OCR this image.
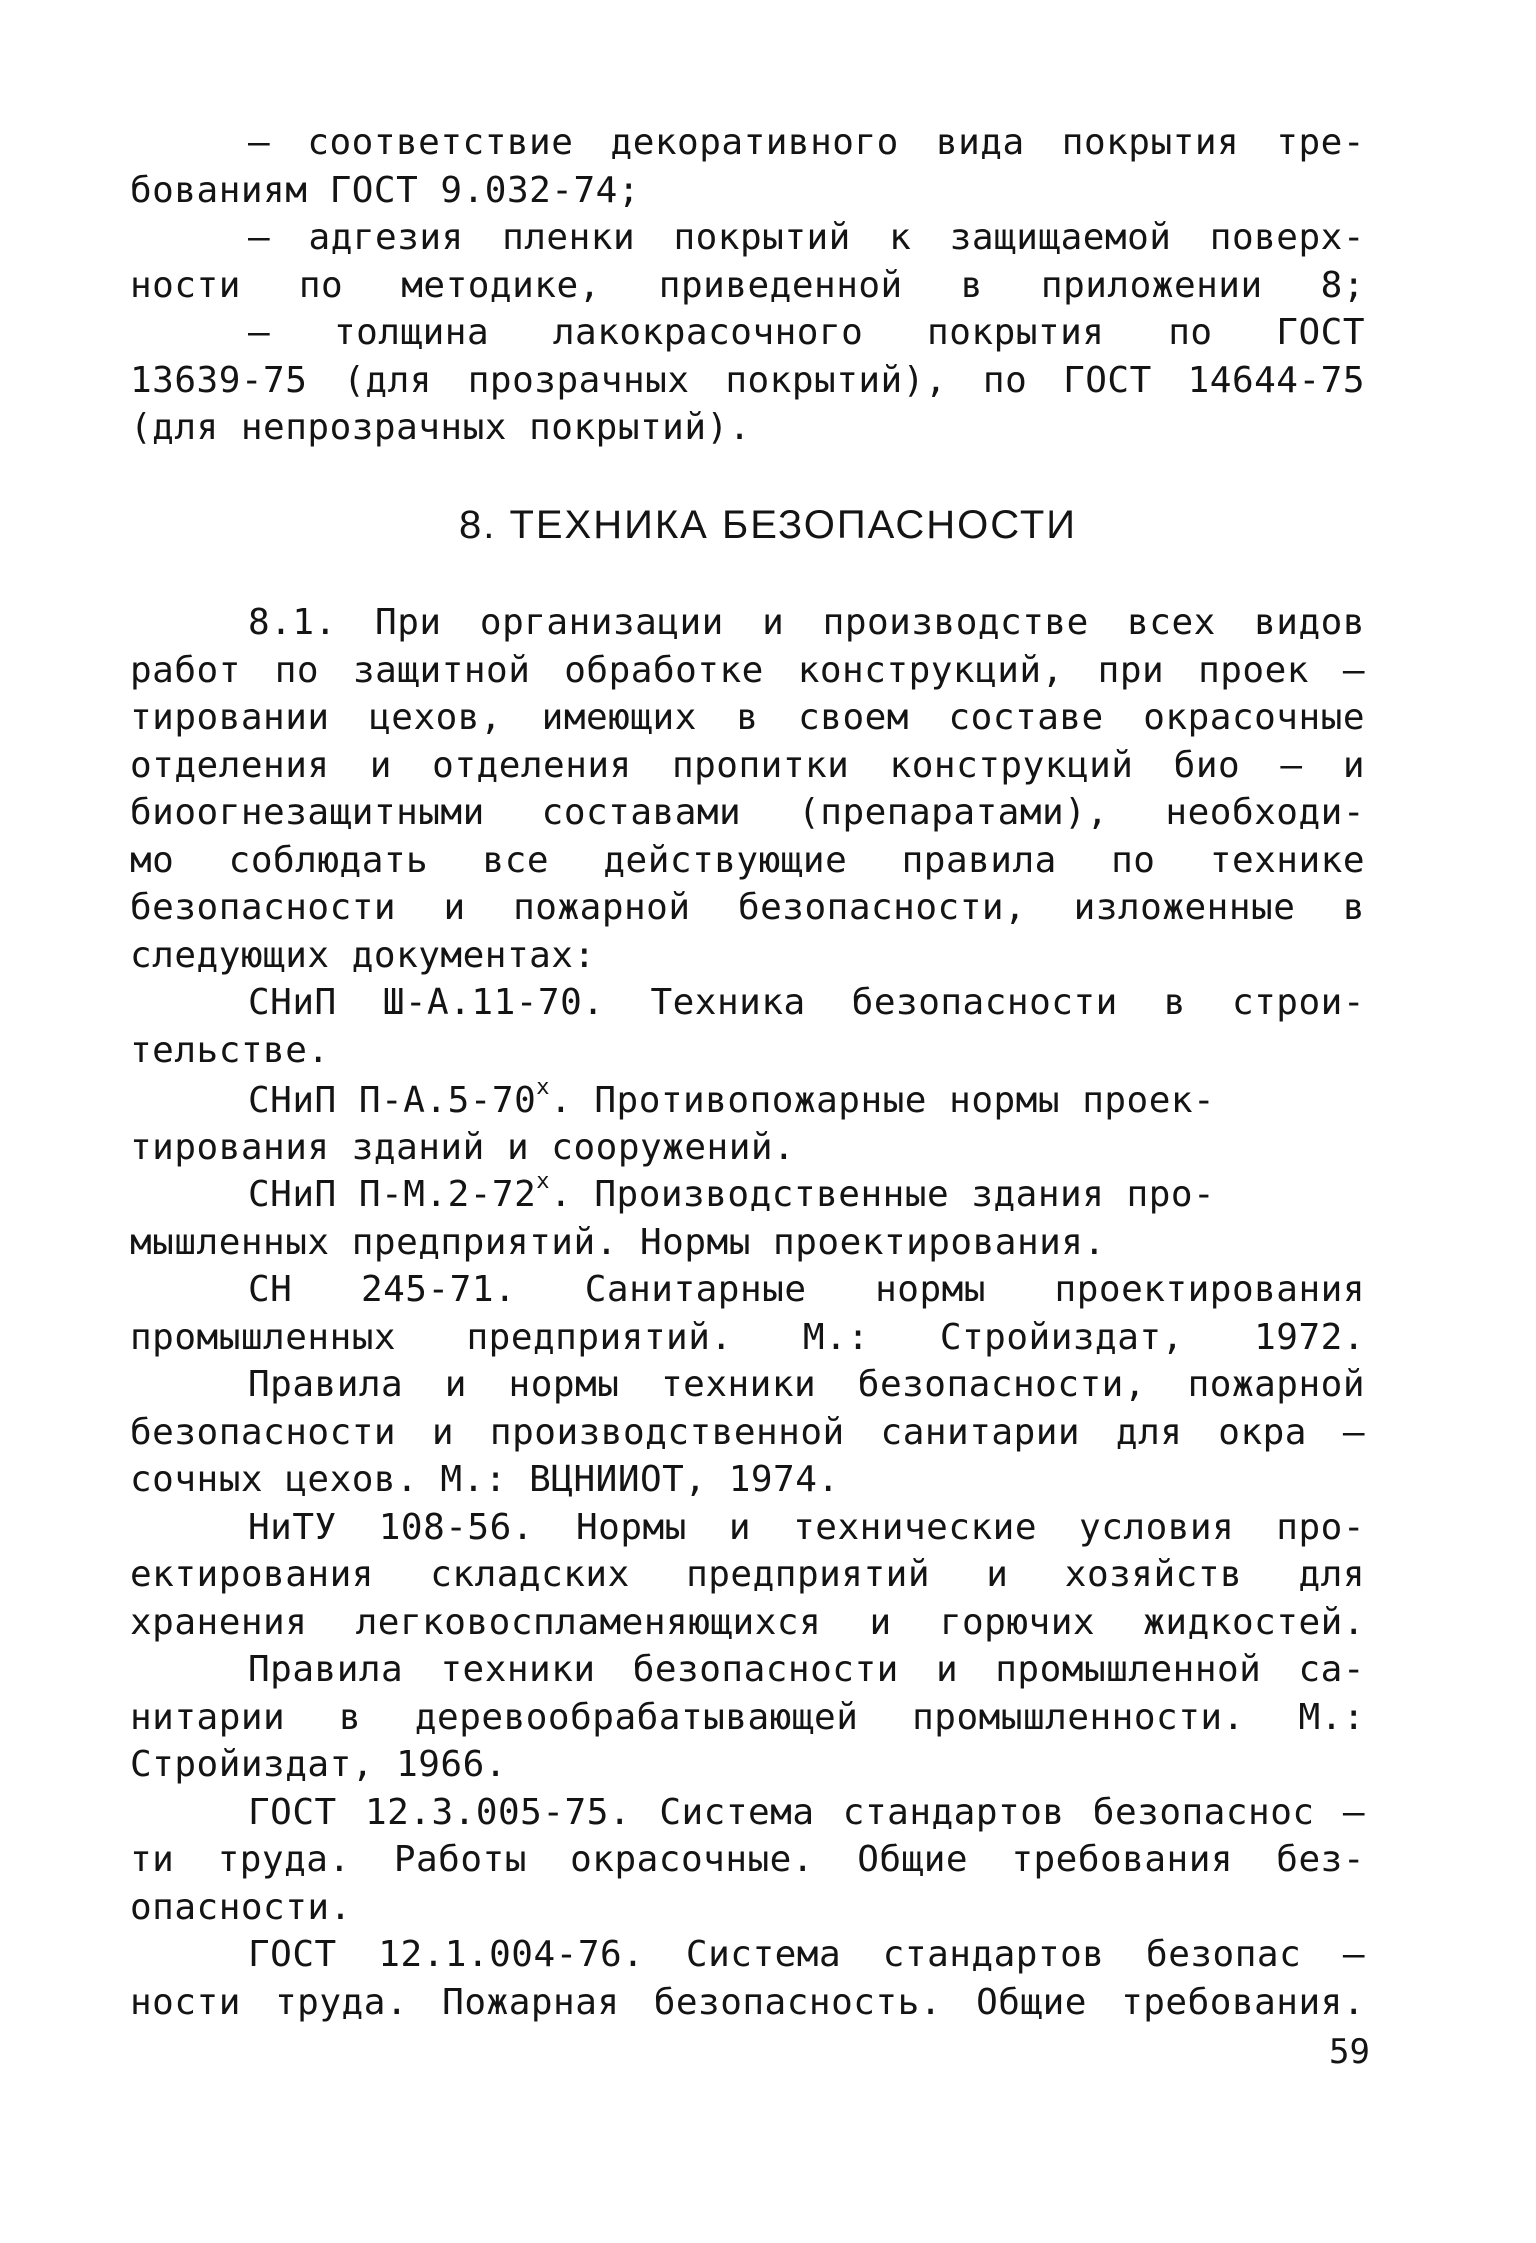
– соответствие декоративного вида покрытия тре-
бованиям ГОСТ 9.032-74;
– адгезия пленки покрытий к защищаемой поверх-
ности по методике, приведенной в приложении 8;
– толщина лакокрасочного покрытия по ГОСТ
13639-75 (для прозрачных покрытий), по ГОСТ 14644-75
(для непрозрачных покрытий).
8. ТЕХНИКА БЕЗОПАСНОСТИ
8.1. При организации и производстве всех видов
работ по защитной обработке конструкций, при проек –
тировании цехов, имеющих в своем составе окрасочные
отделения и отделения пропитки конструкций био – и
биоогнезащитными составами (препаратами), необходи-
мо соблюдать все действующие правила по технике
безопасности и пожарной безопасности, изложенные в
следующих документах:
СНиП Ш-А.11-70. Техника безопасности в строи-
тельстве.
СНиП $П-А.5-70^х$. Противопожарные нормы проек-
тирования зданий и сооружений.
СНиП $П-М.2-72^х$. Производственные здания про-
мышленных предприятий. Нормы проектирования.
СН 245-71. Санитарные нормы проектирования
промышленных предприятий. М.: Стройиздат, 1972.
Правила и нормы техники безопасности, пожарной
безопасности и производственной санитарии для окра –
сочных цехов. М.: ВЦНИИОТ, 1974.
НиТУ 108-56. Нормы и технические условия про-
ектирования складских предприятий и хозяйств для
хранения легковоспламеняющихся и горючих жидкостей.
Правила техники безопасности и промышленной са-
нитарии в деревообрабатывающей промышленности. М.:
Стройиздат, 1966.
ГОСТ 12.3.005-75. Система стандартов безопаснос –
ти труда. Работы окрасочные. Общие требования без-
опасности.
ГОСТ 12.1.004-76. Система стандартов безопас –
ности труда. Пожарная безопасность. Общие требования.
59
